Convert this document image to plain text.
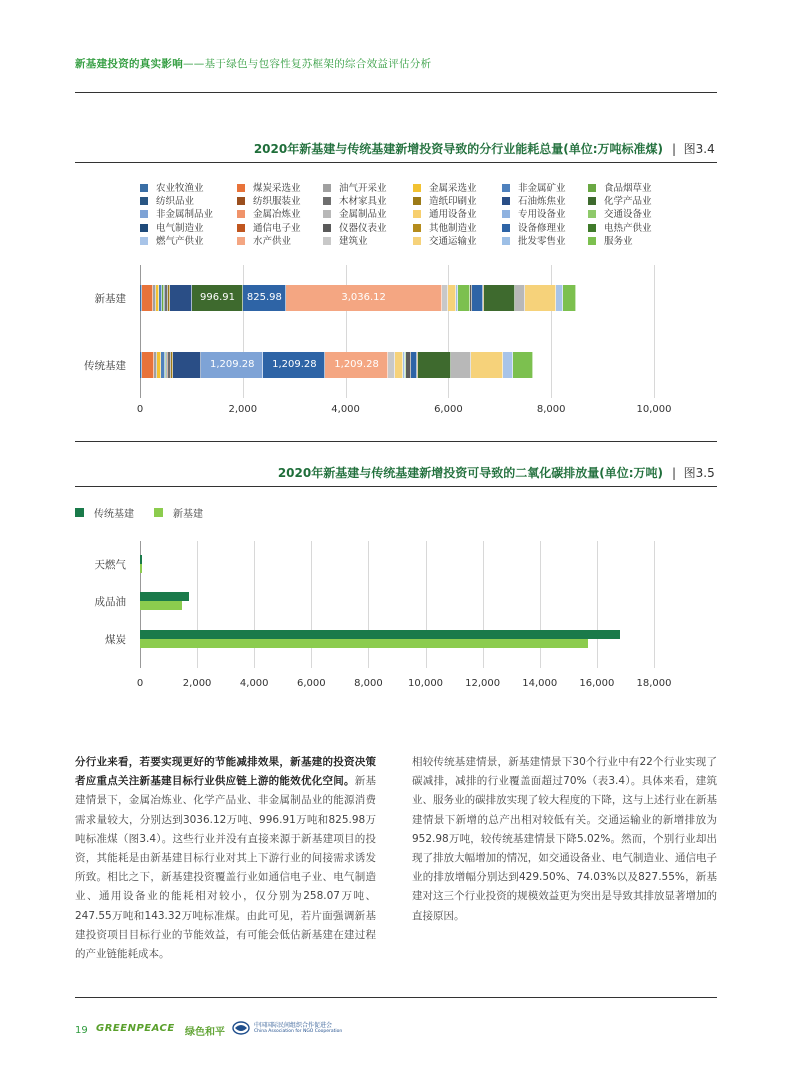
新基建投资的真实影响——基于绿色与包容性复苏框架的综合效益评估分析
2020年新基建与传统基建新增投资导致的分行业能耗总量(单位:万吨标准煤) |  图3.4
2020年新基建与传统基建新增投资可导致的二氧化碳排放量(单位:万吨) |  图3.5
分行业来看，若要实现更好的节能减排效果，新基建的投资决策者应重点关注新基建目标行业供应链上游的能效优化空间。新基建情景下，金属冶炼业、化学产品业、非金属制品业的能源消费需求量较大，分别达到3036.12万吨、996.91万吨和825.98万吨标准煤（图3.4）。这些行业并没有直接来源于新基建项目的投资，其能耗是由新基建目标行业对其上下游行业的间接需求诱发所致。相比之下，新基建投资覆盖行业如通信电子业、电气制造业、通用设备业的能耗相对较小，仅分别为258.07万吨、247.55万吨和143.32万吨标准煤。由此可见，若片面强调新基建投资项目目标行业的节能效益，有可能会低估新基建在建过程的产业链能耗成本。
相较传统基建情景，新基建情景下30个行业中有22个行业实现了碳减排，减排的行业覆盖面超过70%（表3.4）。具体来看，建筑业、服务业的碳排放实现了较大程度的下降，这与上述行业在新基建情景下新增的总产出相对较低有关。交通运输业的新增排放为952.98万吨，较传统基建情景下降5.02%。然而，个别行业却出现了排放大幅增加的情况，如交通设备业、电气制造业、通信电子业的排放增幅分别达到429.50%、74.03%以及827.55%，新基建对这三个行业投资的规模效益更为突出是导致其排放显著增加的直接原因。
19 GREENPEACE 绿色和平
中国国际民间组织合作促进会
China Association for NGO Cooperation
农业牧渔业	煤炭采选业	油气开采业	金属采选业	非金属矿业	食品烟草业
纺织品业	纺织服装业	木材家具业	造纸印刷业	石油炼焦业	化学产品业
非金属制品业	金属冶炼业	金属制品业	通用设备业	专用设备业	交通设备业
电气制造业	通信电子业	仪器仪表业	其他制造业	设备修理业	电热产供业
燃气产供业	水产供业	建筑业	交通运输业	批发零售业	服务业
0	2,000	4,000	6,000	8,000	10,000
新基建	996.91	825.98	3,036.12
传统基建	1,209.28	1,209.28	1,209.28
传统基建	新基建
0	2,000	4,000	6,000	8,000	10,000 12,000 14,000 16,000 18,000
天燃气
成品油
煤炭
